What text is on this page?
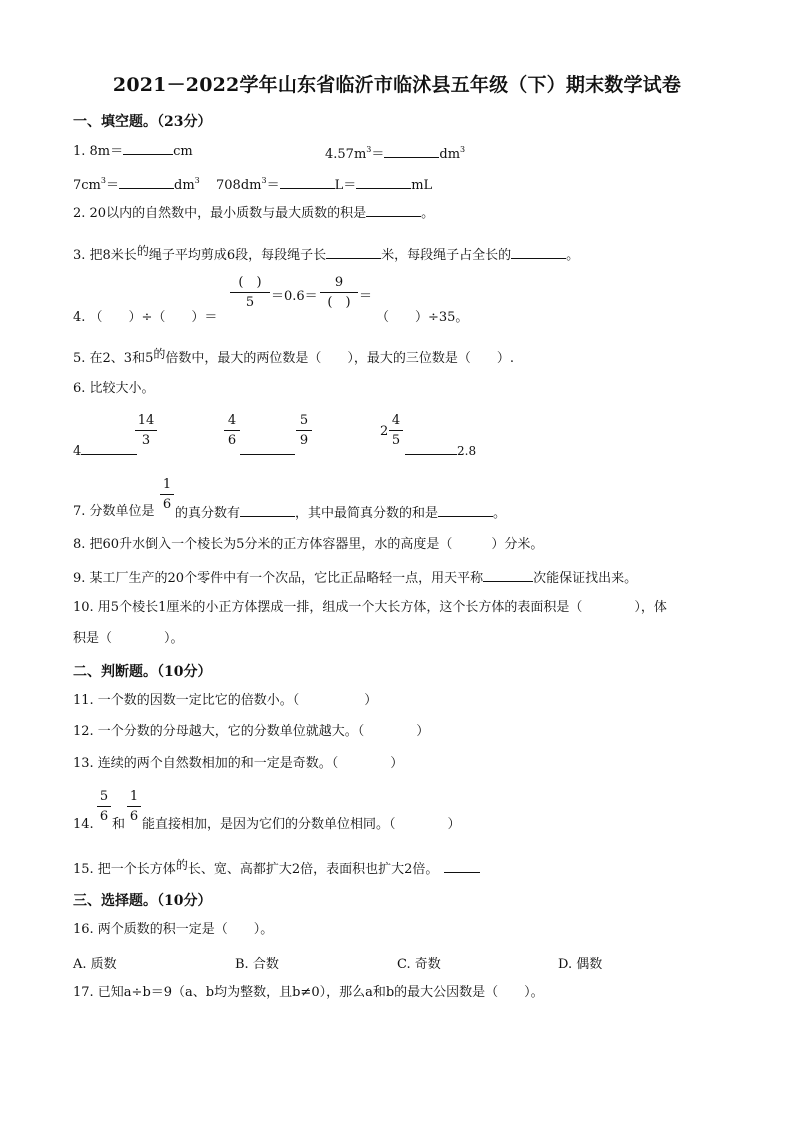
2021－2022学年山东省临沂市临沭县五年级（下）期末数学试卷
一、填空题。（23分）
1. 8m＝	cm	$4.57m^3=$	$dm^3$
$7cm^3=$	$dm^3$ $708dm^3=$	L＝	mL
2. 20以内的自然数中，最小质数与最大质数的积是	。
3. 把8米长的绳子平均剪成6段，每段绳子长	米，每段绳子占全长的	。
4. （　　）÷（　　）＝
(　)
5	＝0.6＝
9
(　) ＝
（　　）÷35。
5. 在2、3和5的倍数中，最大的两位数是（　　），最大的三位数是（　　）.
6. 比较大小。
4
14
3
4
6
5
9
2
4
5
2.8
7. 分数单位是
1
6
的真分数有	，其中最简真分数的和是	。
8. 把60升水倒入一个棱长为5分米的正方体容器里，水的高度是（　　　）分米。
9. 某工厂生产的20个零件中有一个次品，它比正品略轻一点，用天平称	次能保证找出来。
10. 用5个棱长1厘米的小正方体摆成一排，组成一个大长方体，这个长方体的表面积是（　　　　），体
积是（　　　　）。
二、判断题。（10分）
11. 一个数的因数一定比它的倍数小。（　　　　　）
12. 一个分数的分母越大，它的分数单位就越大。（　　　　）
13. 连续的两个自然数相加的和一定是奇数。（　　　　）
14.
5
6
和
1
6
能直接相加，是因为它们的分数单位相同。（　　　　）
15. 把一个长方体的长、宽、高都扩大2倍，表面积也扩大2倍。
三、选择题。（10分）
16. 两个质数的积一定是（　　）。
A. 质数	B. 合数	C. 奇数	D. 偶数
17. 已知a÷b＝9（a、b均为整数，且b≠0），那么a和b的最大公因数是（　　）。
